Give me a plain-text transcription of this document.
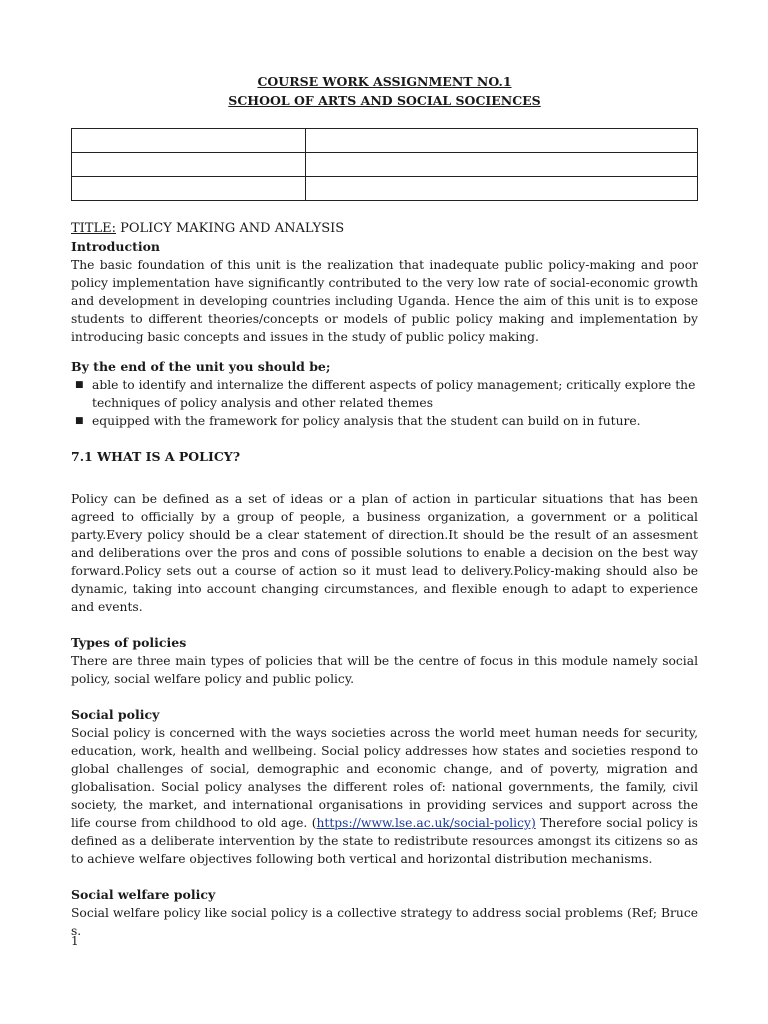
COURSE WORK ASSIGNMENT NO.1
SCHOOL OF ARTS AND SOCIAL SOCIENCES

TITLE: POLICY MAKING AND ANALYSIS
Introduction

The basic foundation of this unit is the realization that inadequate public policy-making and poor policy implementation have significantly contributed to the very low rate of social-economic growth and development in developing countries including Uganda. Hence the aim of this unit is to expose students to different theories/concepts or models of public policy making and implementation by introducing basic concepts and issues in the study of public policy making.

By the end of the unit you should be;
■ able to identify and internalize the different aspects of policy management; critically explore the techniques of policy analysis and other related themes
■ equipped with the framework for policy analysis that the student can build on in future.
7.1 WHAT IS A POLICY?

Policy can be defined as a set of ideas or a plan of action in particular situations that has been agreed to officially by a group of people, a business organization, a government or a political party.Every policy should be a clear statement of direction.It should be the result of an assesment and deliberations over the pros and cons of possible solutions to enable a decision on the best way forward.Policy sets out a course of action so it must lead to delivery.Policy-making should also be dynamic, taking into account changing circumstances, and flexible enough to adapt to experience and events.

Types of policies

There are three main types of policies that will be the centre of focus in this module namely social policy, social welfare policy and public policy.

Social policy

Social policy is concerned with the ways societies across the world meet human needs for security, education, work, health and wellbeing. Social policy addresses how states and societies respond to global challenges of social, demographic and economic change, and of poverty, migration and globalisation. Social policy analyses the different roles of: national governments, the family, civil society, the market, and international organisations in providing services and support across the life course from childhood to old age. (https://www.lse.ac.uk/social-policy) Therefore social policy is defined as a deliberate intervention by the state to redistribute resources amongst its citizens so as to achieve welfare objectives following both vertical and horizontal distribution mechanisms.

Social welfare policy

Social welfare policy like social policy is a collective strategy to address social problems (Ref; Bruce s.

1
